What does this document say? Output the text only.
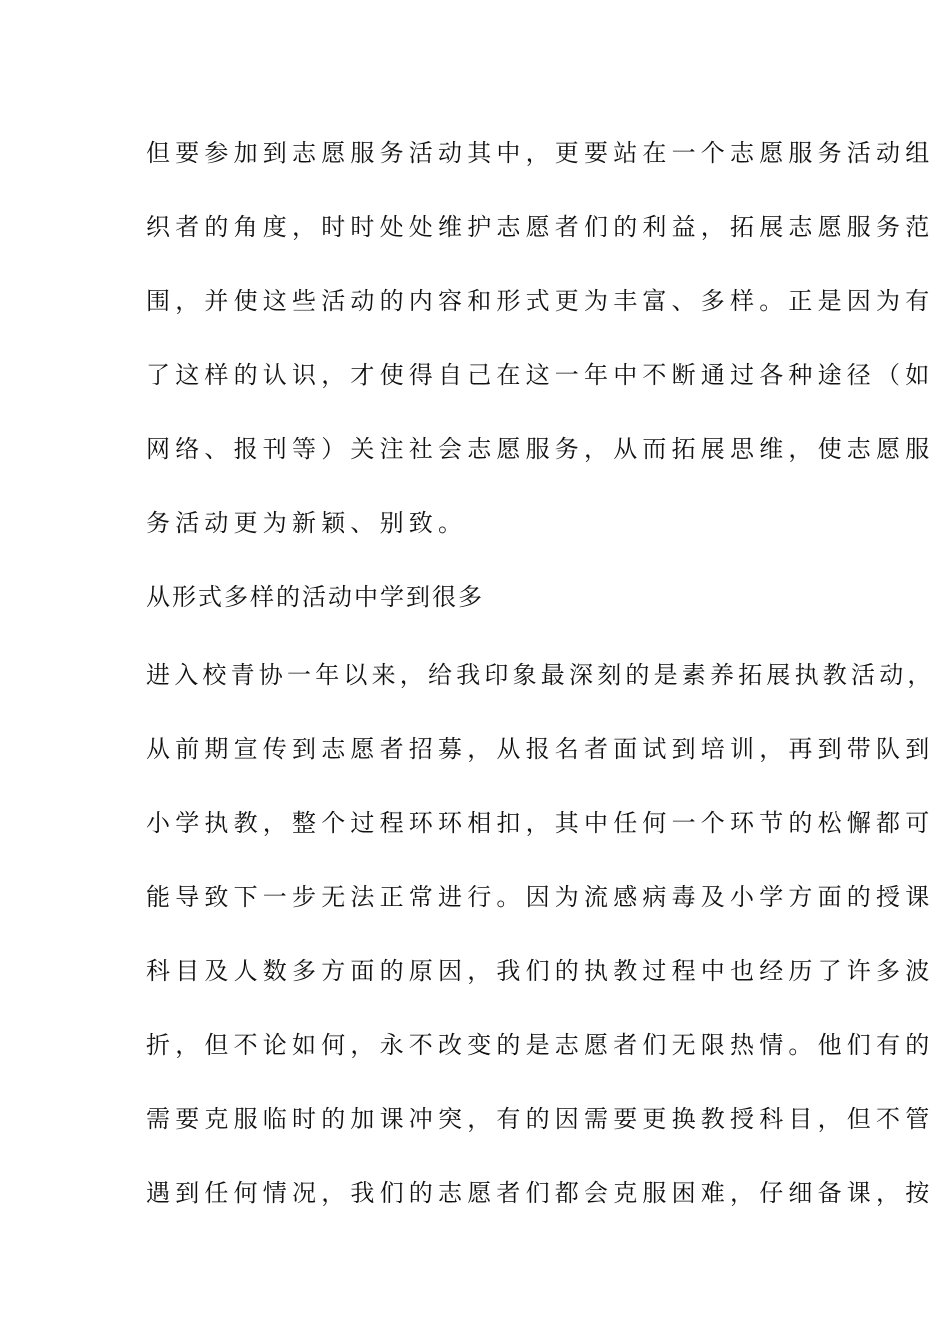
但要参加到志愿服务活动其中，更要站在一个志愿服务活动组
织者的角度，时时处处维护志愿者们的利益，拓展志愿服务范
围，并使这些活动的内容和形式更为丰富、多样。正是因为有
了这样的认识，才使得自己在这一年中不断通过各种途径（如
网络、报刊等）关注社会志愿服务，从而拓展思维，使志愿服
务活动更为新颖、别致。
从形式多样的活动中学到很多
进入校青协一年以来，给我印象最深刻的是素养拓展执教活动，
从前期宣传到志愿者招募，从报名者面试到培训，再到带队到
小学执教，整个过程环环相扣，其中任何一个环节的松懈都可
能导致下一步无法正常进行。因为流感病毒及小学方面的授课
科目及人数多方面的原因，我们的执教过程中也经历了许多波
折，但不论如何，永不改变的是志愿者们无限热情。他们有的
需要克服临时的加课冲突，有的因需要更换教授科目，但不管
遇到任何情况，我们的志愿者们都会克服困难，仔细备课，按
